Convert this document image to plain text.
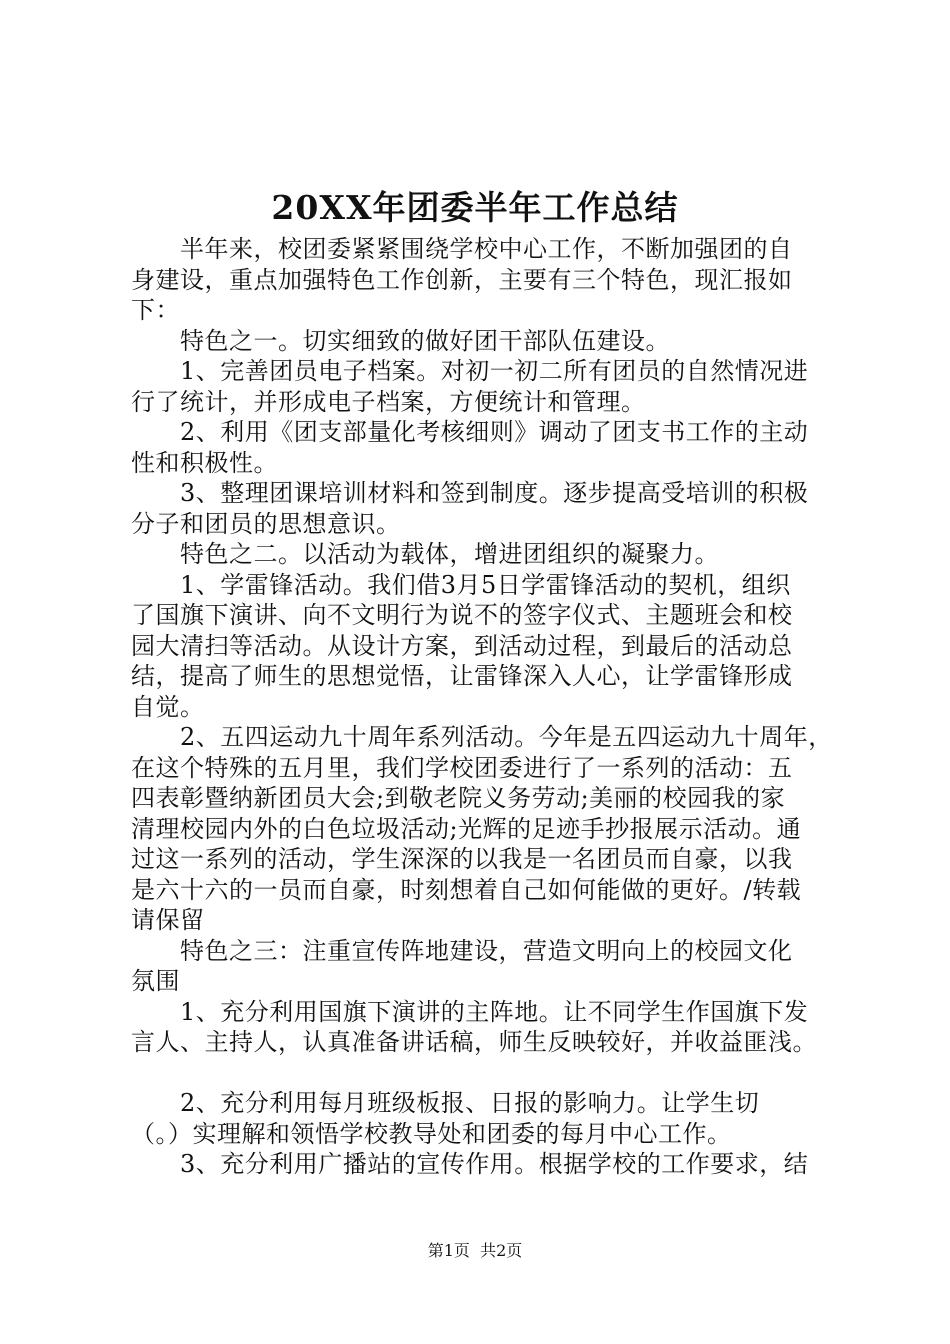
20XX年团委半年工作总结
　　半年来，校团委紧紧围绕学校中心工作，不断加强团的自
身建设，重点加强特色工作创新，主要有三个特色，现汇报如
下：
　　特色之一。切实细致的做好团干部队伍建设。
　　1、完善团员电子档案。对初一初二所有团员的自然情况进
行了统计，并形成电子档案，方便统计和管理。
　　2、利用《团支部量化考核细则》调动了团支书工作的主动
性和积极性。
　　3、整理团课培训材料和签到制度。逐步提高受培训的积极
分子和团员的思想意识。
　　特色之二。以活动为载体，增进团组织的凝聚力。
　　1、学雷锋活动。我们借3月5日学雷锋活动的契机，组织
了国旗下演讲、向不文明行为说不的签字仪式、主题班会和校
园大清扫等活动。从设计方案，到活动过程，到最后的活动总
结，提高了师生的思想觉悟，让雷锋深入人心，让学雷锋形成
自觉。
　　2、五四运动九十周年系列活动。今年是五四运动九十周年，
在这个特殊的五月里，我们学校团委进行了一系列的活动：五
四表彰暨纳新团员大会;到敬老院义务劳动;美丽的校园我的家
清理校园内外的白色垃圾活动;光辉的足迹手抄报展示活动。通
过这一系列的活动，学生深深的以我是一名团员而自豪，以我
是六十六的一员而自豪，时刻想着自己如何能做的更好。/转载
请保留
　　特色之三：注重宣传阵地建设，营造文明向上的校园文化
氛围
　　1、充分利用国旗下演讲的主阵地。让不同学生作国旗下发
言人、主持人，认真准备讲话稿，师生反映较好，并收益匪浅。
　　2、充分利用每月班级板报、日报的影响力。让学生切
（。）实理解和领悟学校教导处和团委的每月中心工作。
　　3、充分利用广播站的宣传作用。根据学校的工作要求，结
第1页  共2页
